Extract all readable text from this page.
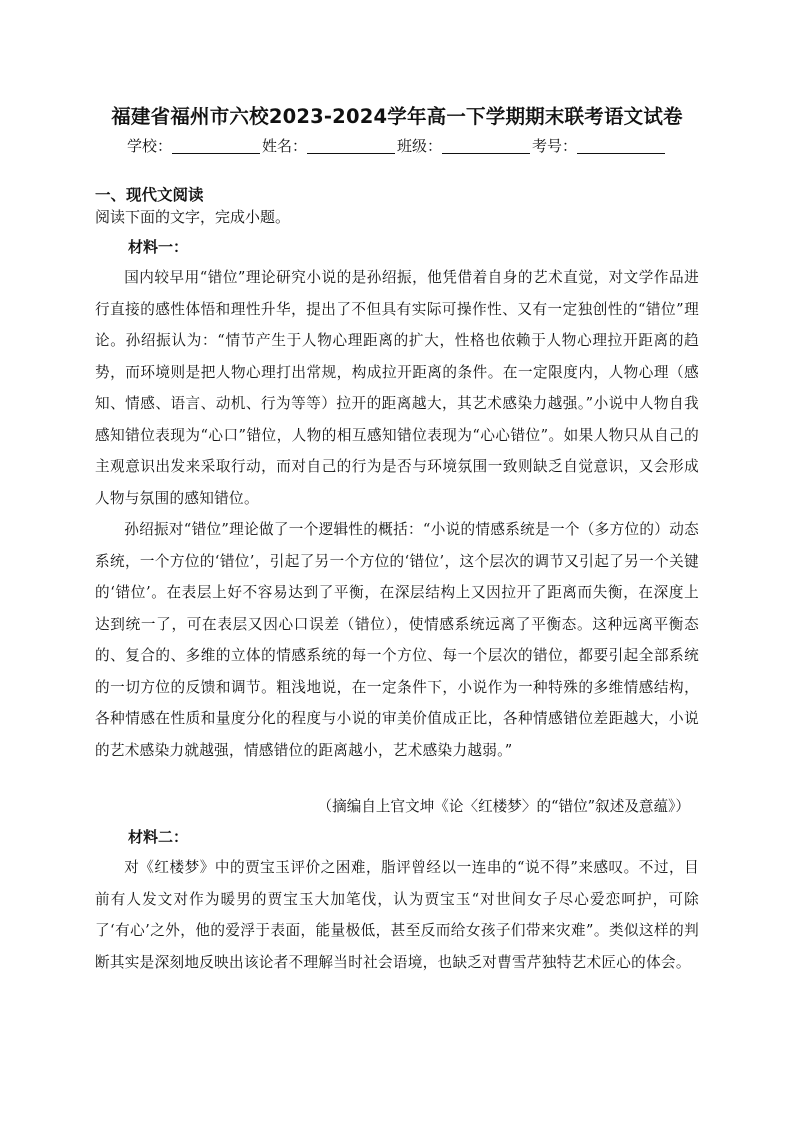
福建省福州市六校2023-2024学年高一下学期期末联考语文试卷
学校：	姓名：	班级：	考号：
一、现代文阅读
阅读下面的文字，完成小题。
材料一：
国内较早用“错位”理论研究小说的是孙绍振，他凭借着自身的艺术直觉，对文学作品进行直接的感性体悟和理性升华，提出了不但具有实际可操作性、又有一定独创性的“错位”理论。孙绍振认为：“情节产生于人物心理距离的扩大，性格也依赖于人物心理拉开距离的趋势，而环境则是把人物心理打出常规，构成拉开距离的条件。在一定限度内，人物心理（感知、情感、语言、动机、行为等等）拉开的距离越大，其艺术感染力越强。”小说中人物自我感知错位表现为“心口”错位，人物的相互感知错位表现为“心心错位”。如果人物只从自己的主观意识出发来采取行动，而对自己的行为是否与环境氛围一致则缺乏自觉意识，又会形成人物与氛围的感知错位。
孙绍振对“错位”理论做了一个逻辑性的概括：“小说的情感系统是一个（多方位的）动态系统，一个方位的‘错位’，引起了另一个方位的‘错位’，这个层次的调节又引起了另一个关键的‘错位’。在表层上好不容易达到了平衡，在深层结构上又因拉开了距离而失衡，在深度上达到统一了，可在表层又因心口误差（错位），使情感系统远离了平衡态。这种远离平衡态的、复合的、多维的立体的情感系统的每一个方位、每一个层次的错位，都要引起全部系统的一切方位的反馈和调节。粗浅地说，在一定条件下，小说作为一种特殊的多维情感结构，各种情感在性质和量度分化的程度与小说的审美价值成正比，各种情感错位差距越大，小说的艺术感染力就越强，情感错位的距离越小，艺术感染力越弱。”
（摘编自上官文坤《论〈红楼梦〉的“错位”叙述及意蕴》）
材料二：
对《红楼梦》中的贾宝玉评价之困难，脂评曾经以一连串的“说不得”来感叹。不过，目前有人发文对作为暖男的贾宝玉大加笔伐，认为贾宝玉“对世间女子尽心爱恋呵护，可除了‘有心’之外，他的爱浮于表面，能量极低，甚至反而给女孩子们带来灾难”。类似这样的判断其实是深刻地反映出该论者不理解当时社会语境，也缺乏对曹雪芹独特艺术匠心的体会。
